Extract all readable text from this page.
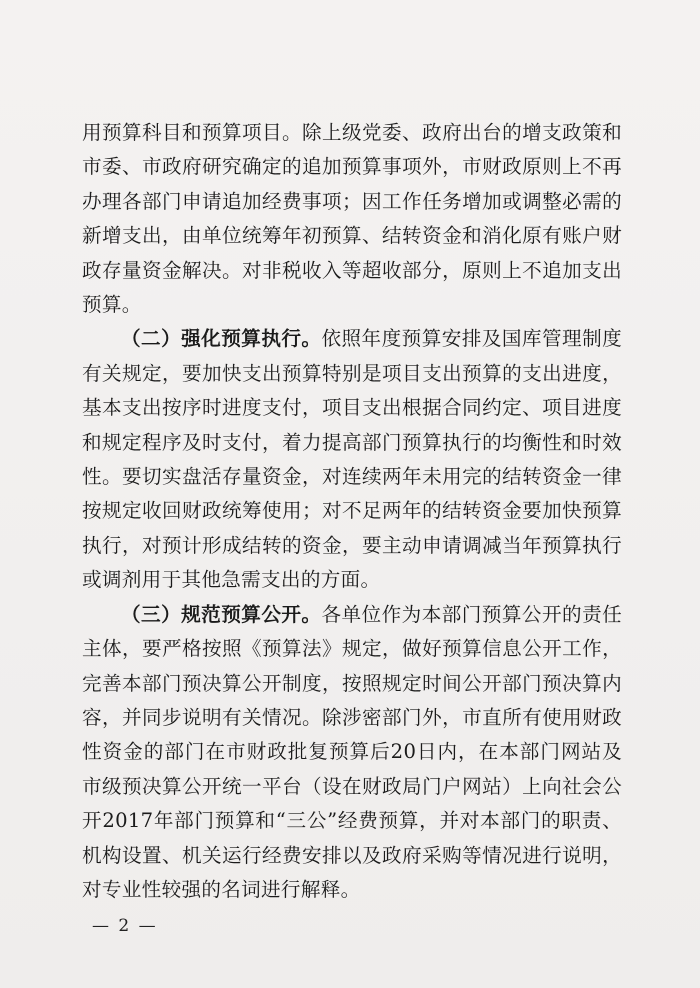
用预算科目和预算项目。除上级党委、政府出台的增支政策和市委、市政府研究确定的追加预算事项外，市财政原则上不再办理各部门申请追加经费事项；因工作任务增加或调整必需的新增支出，由单位统筹年初预算、结转资金和消化原有账户财政存量资金解决。对非税收入等超收部分，原则上不追加支出预算。

（二）强化预算执行。依照年度预算安排及国库管理制度有关规定，要加快支出预算特别是项目支出预算的支出进度，基本支出按序时进度支付，项目支出根据合同约定、项目进度和规定程序及时支付，着力提高部门预算执行的均衡性和时效性。要切实盘活存量资金，对连续两年未用完的结转资金一律按规定收回财政统筹使用；对不足两年的结转资金要加快预算执行，对预计形成结转的资金，要主动申请调减当年预算执行或调剂用于其他急需支出的方面。

（三）规范预算公开。各单位作为本部门预算公开的责任主体，要严格按照《预算法》规定，做好预算信息公开工作，完善本部门预决算公开制度，按照规定时间公开部门预决算内容，并同步说明有关情况。除涉密部门外，市直所有使用财政性资金的部门在市财政批复预算后20日内，在本部门网站及市级预决算公开统一平台（设在财政局门户网站）上向社会公开2017年部门预算和“三公”经费预算，并对本部门的职责、机构设置、机关运行经费安排以及政府采购等情况进行说明，对专业性较强的名词进行解释。

— 2 —
